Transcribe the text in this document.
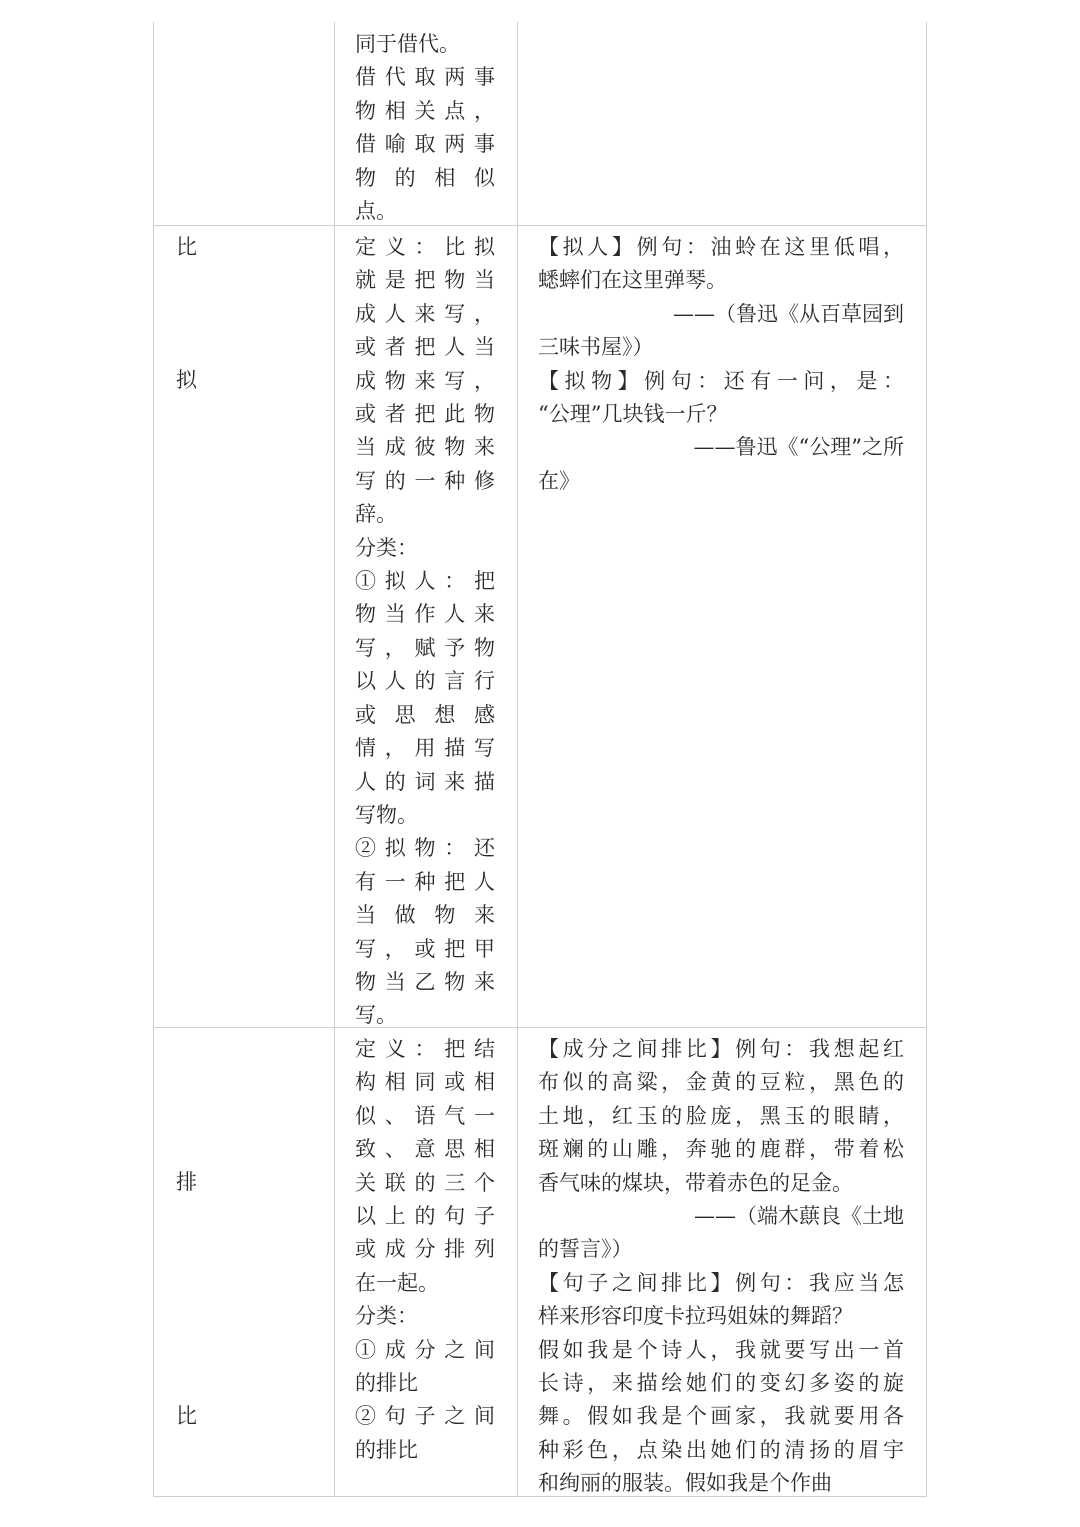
同于借代。
借代取两事
物相关点，
借喻取两事
物的相似
点。
比
拟
定义：比拟
就是把物当
成人来写，
或者把人当
成物来写，
或者把此物
当成彼物来
写的一种修
辞。
分类：
①拟人：把
物当作人来
写，赋予物
以人的言行
或思想感
情，用描写
人的词来描
写物。
②拟物：还
有一种把人
当做物来
写，或把甲
物当乙物来
写。
【拟人】例句：油蛉在这里低唱，
蟋蟀们在这里弹琴。
——（鲁迅《从百草园到
三味书屋》）
【拟物】例句：还有一问，是：
“公理”几块钱一斤？
——鲁迅《“公理”之所
在》
排
比
定义：把结
构相同或相
似、语气一
致、意思相
关联的三个
以上的句子
或成分排列
在一起。
分类：
①成分之间
的排比
②句子之间
的排比
【成分之间排比】例句：我想起红
布似的高粱，金黄的豆粒，黑色的
土地，红玉的脸庞，黑玉的眼睛，
斑斓的山雕，奔驰的鹿群，带着松
香气味的煤块，带着赤色的足金。
——（端木蕻良《土地
的誓言》）
【句子之间排比】例句：我应当怎
样来形容印度卡拉玛姐妹的舞蹈？
假如我是个诗人，我就要写出一首
长诗，来描绘她们的变幻多姿的旋
舞。假如我是个画家，我就要用各
种彩色，点染出她们的清扬的眉宇
和绚丽的服装。假如我是个作曲
